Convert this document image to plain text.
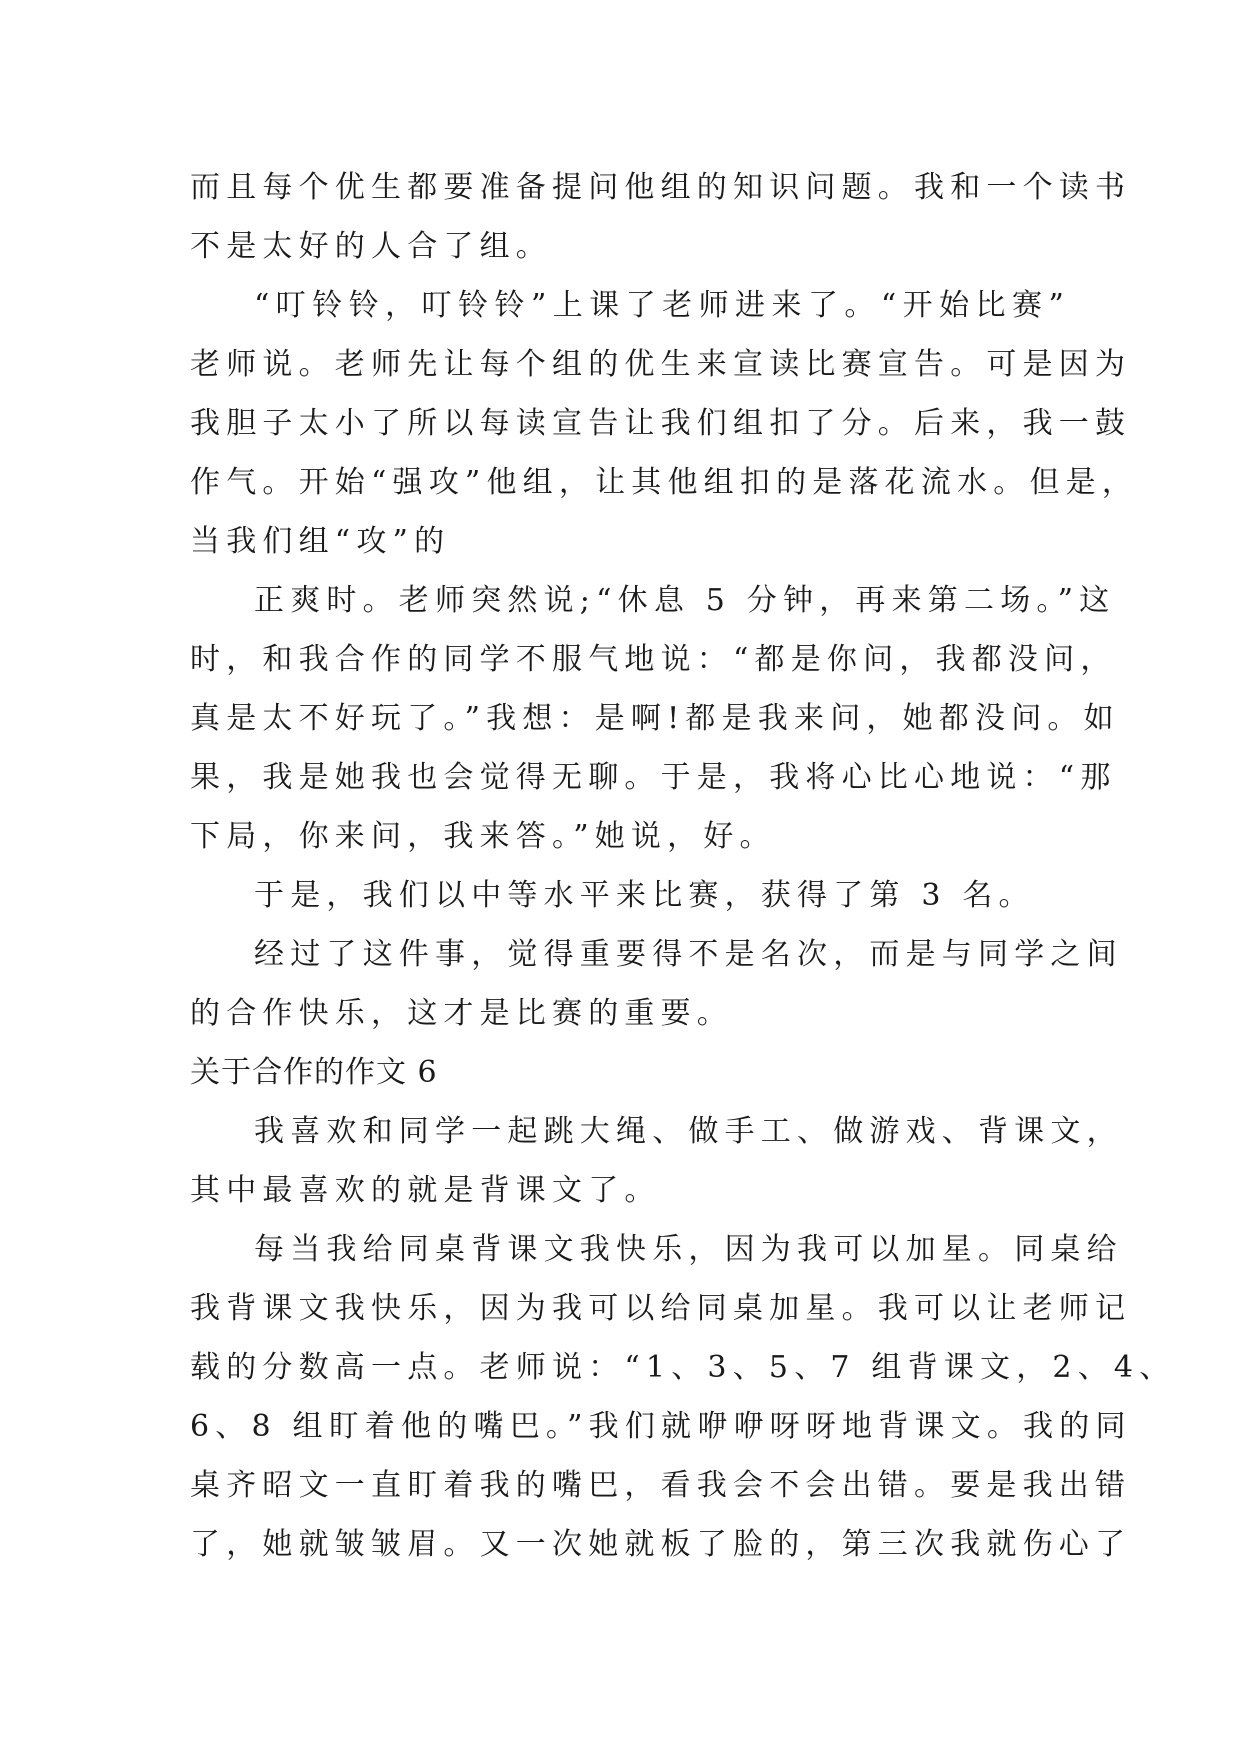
而且每个优生都要准备提问他组的知识问题。我和一个读书
不是太好的人合了组。
“叮铃铃，叮铃铃”上课了老师进来了。“开始比赛”
老师说。老师先让每个组的优生来宣读比赛宣告。可是因为
我胆子太小了所以每读宣告让我们组扣了分。后来，我一鼓
作气。开始“强攻”他组，让其他组扣的是落花流水。但是，
当我们组“攻”的
正爽时。老师突然说;“休息 5 分钟，再来第二场。”这
时，和我合作的同学不服气地说：“都是你问，我都没问，
真是太不好玩了。”我想：是啊!都是我来问，她都没问。如
果，我是她我也会觉得无聊。于是，我将心比心地说：“那
下局，你来问，我来答。”她说，好。
于是，我们以中等水平来比赛，获得了第 3 名。
经过了这件事，觉得重要得不是名次，而是与同学之间
的合作快乐，这才是比赛的重要。
关于合作的作文 6
我喜欢和同学一起跳大绳、做手工、做游戏、背课文，
其中最喜欢的就是背课文了。
每当我给同桌背课文我快乐，因为我可以加星。同桌给
我背课文我快乐，因为我可以给同桌加星。我可以让老师记
载的分数高一点。老师说：“1、3、5、7 组背课文，2、4、
6、8 组盯着他的嘴巴。”我们就咿咿呀呀地背课文。我的同
桌齐昭文一直盯着我的嘴巴，看我会不会出错。要是我出错
了，她就皱皱眉。又一次她就板了脸的，第三次我就伤心了
